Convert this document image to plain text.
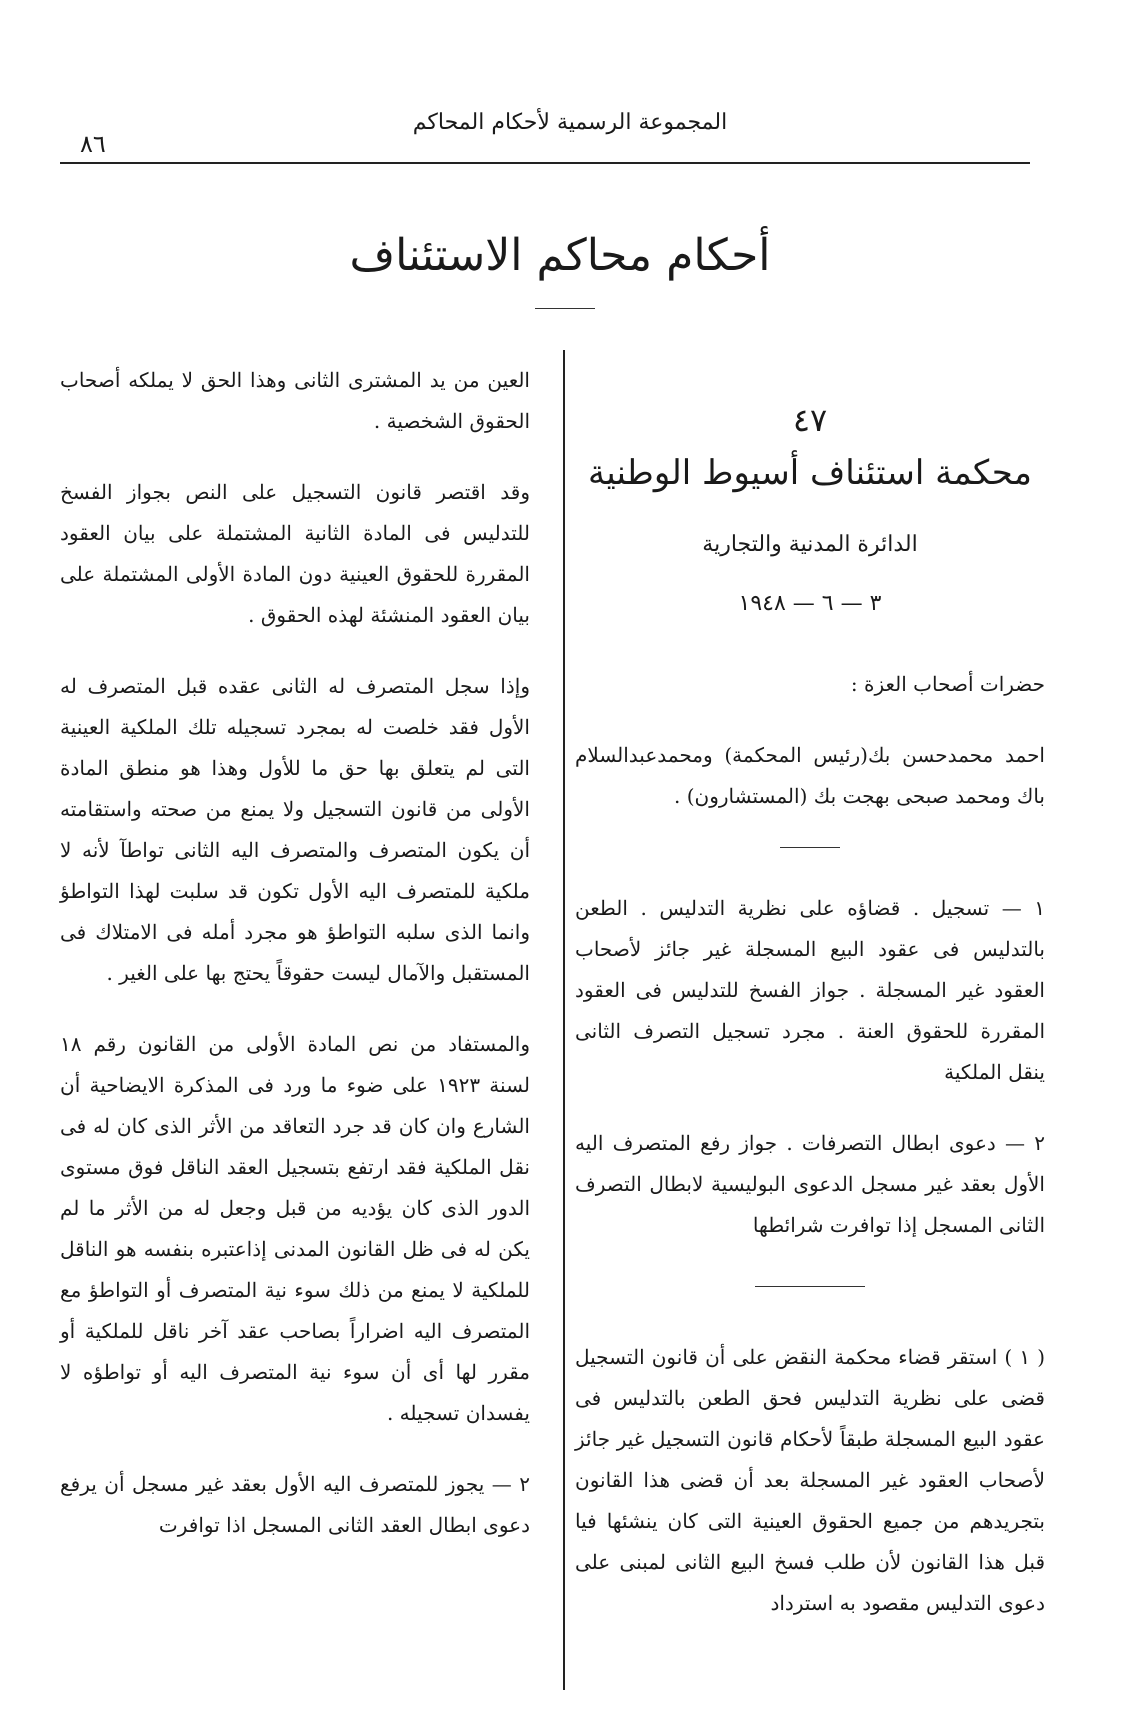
المجموعة الرسمية لأحكام المحاكم
٨٦
أحكام محاكم الاستئناف
٤٧
محكمة استئناف أسيوط الوطنية
الدائرة المدنية والتجارية
٣ — ٦ — ١٩٤٨

حضرات أصحاب العزة :

احمد محمدحسن بك(رئيس المحكمة) ومحمدعبدالسلام باك ومحمد صبحى بهجت بك (المستشارون) .

١ — تسجيل . قضاؤه على نظرية التدليس . الطعن بالتدليس فى عقود البيع المسجلة غير جائز لأصحاب العقود غير المسجلة . جواز الفسخ للتدليس فى العقود المقررة للحقوق العنة . مجرد تسجيل التصرف الثانى ينقل الملكية

٢ — دعوى ابطال التصرفات . جواز رفع المتصرف اليه الأول بعقد غير مسجل الدعوى البوليسية لابطال التصرف الثانى المسجل إذا توافرت شرائطها

( ١ ) استقر قضاء محكمة النقض على أن قانون التسجيل قضى على نظرية التدليس فحق الطعن بالتدليس فى عقود البيع المسجلة طبقاً لأحكام قانون التسجيل غير جائز لأصحاب العقود غير المسجلة بعد أن قضى هذا القانون بتجريدهم من جميع الحقوق العينية التى كان ينشئها فيا قبل هذا القانون لأن طلب فسخ البيع الثانى لمبنى على دعوى التدليس مقصود به استرداد

العين من يد المشترى الثانى وهذا الحق لا يملكه أصحاب الحقوق الشخصية .

وقد اقتصر قانون التسجيل على النص بجواز الفسخ للتدليس فى المادة الثانية المشتملة على بيان العقود المقررة للحقوق العينية دون المادة الأولى المشتملة على بيان العقود المنشئة لهذه الحقوق .

وإذا سجل المتصرف له الثانى عقده قبل المتصرف له الأول فقد خلصت له بمجرد تسجيله تلك الملكية العينية التى لم يتعلق بها حق ما للأول وهذا هو منطق المادة الأولى من قانون التسجيل ولا يمنع من صحته واستقامته أن يكون المتصرف والمتصرف اليه الثانى تواطآ لأنه لا ملكية للمتصرف اليه الأول تكون قد سلبت لهذا التواطؤ وانما الذى سلبه التواطؤ هو مجرد أمله فى الامتلاك فى المستقبل والآمال ليست حقوقاً يحتج بها على الغير .

والمستفاد من نص المادة الأولى من القانون رقم ١٨ لسنة ١٩٢٣ على ضوء ما ورد فى المذكرة الايضاحية أن الشارع وان كان قد جرد التعاقد من الأثر الذى كان له فى نقل الملكية فقد ارتفع بتسجيل العقد الناقل فوق مستوى الدور الذى كان يؤديه من قبل وجعل له من الأثر ما لم يكن له فى ظل القانون المدنى إذاعتبره بنفسه هو الناقل للملكية لا يمنع من ذلك سوء نية المتصرف أو التواطؤ مع المتصرف اليه اضراراً بصاحب عقد آخر ناقل للملكية أو مقرر لها أى أن سوء نية المتصرف اليه أو تواطؤه لا يفسدان تسجيله .

٢ — يجوز للمتصرف اليه الأول بعقد غير مسجل أن يرفع دعوى ابطال العقد الثانى المسجل اذا توافرت
